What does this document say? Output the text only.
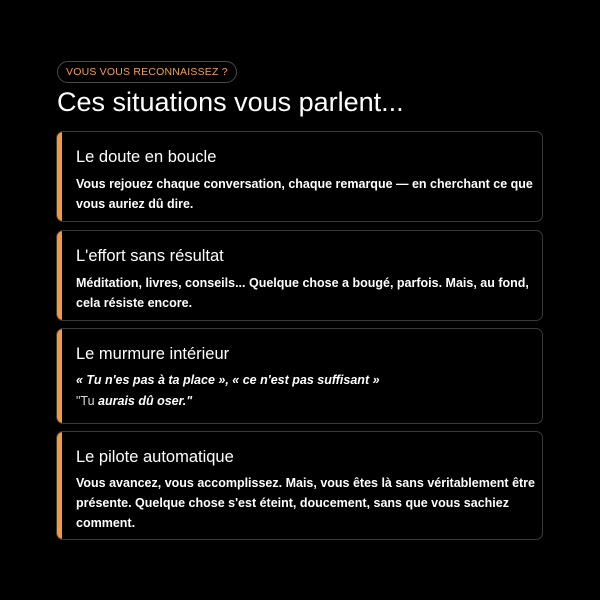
VOUS VOUS RECONNAISSEZ ?
Ces situations vous parlent...
Le doute en boucle
Vous rejouez chaque conversation, chaque remarque — en cherchant ce que vous auriez dû dire.
L'effort sans résultat
Méditation, livres, conseils... Quelque chose a bougé, parfois. Mais, au fond, cela résiste encore.
Le murmure intérieur
« Tu n'es pas à ta place », « ce n'est pas suffisant »
"Tu aurais dû oser."
Le pilote automatique
Vous avancez, vous accomplissez. Mais, vous êtes là sans véritablement être présente. Quelque chose s'est éteint, doucement, sans que vous sachiez comment.
